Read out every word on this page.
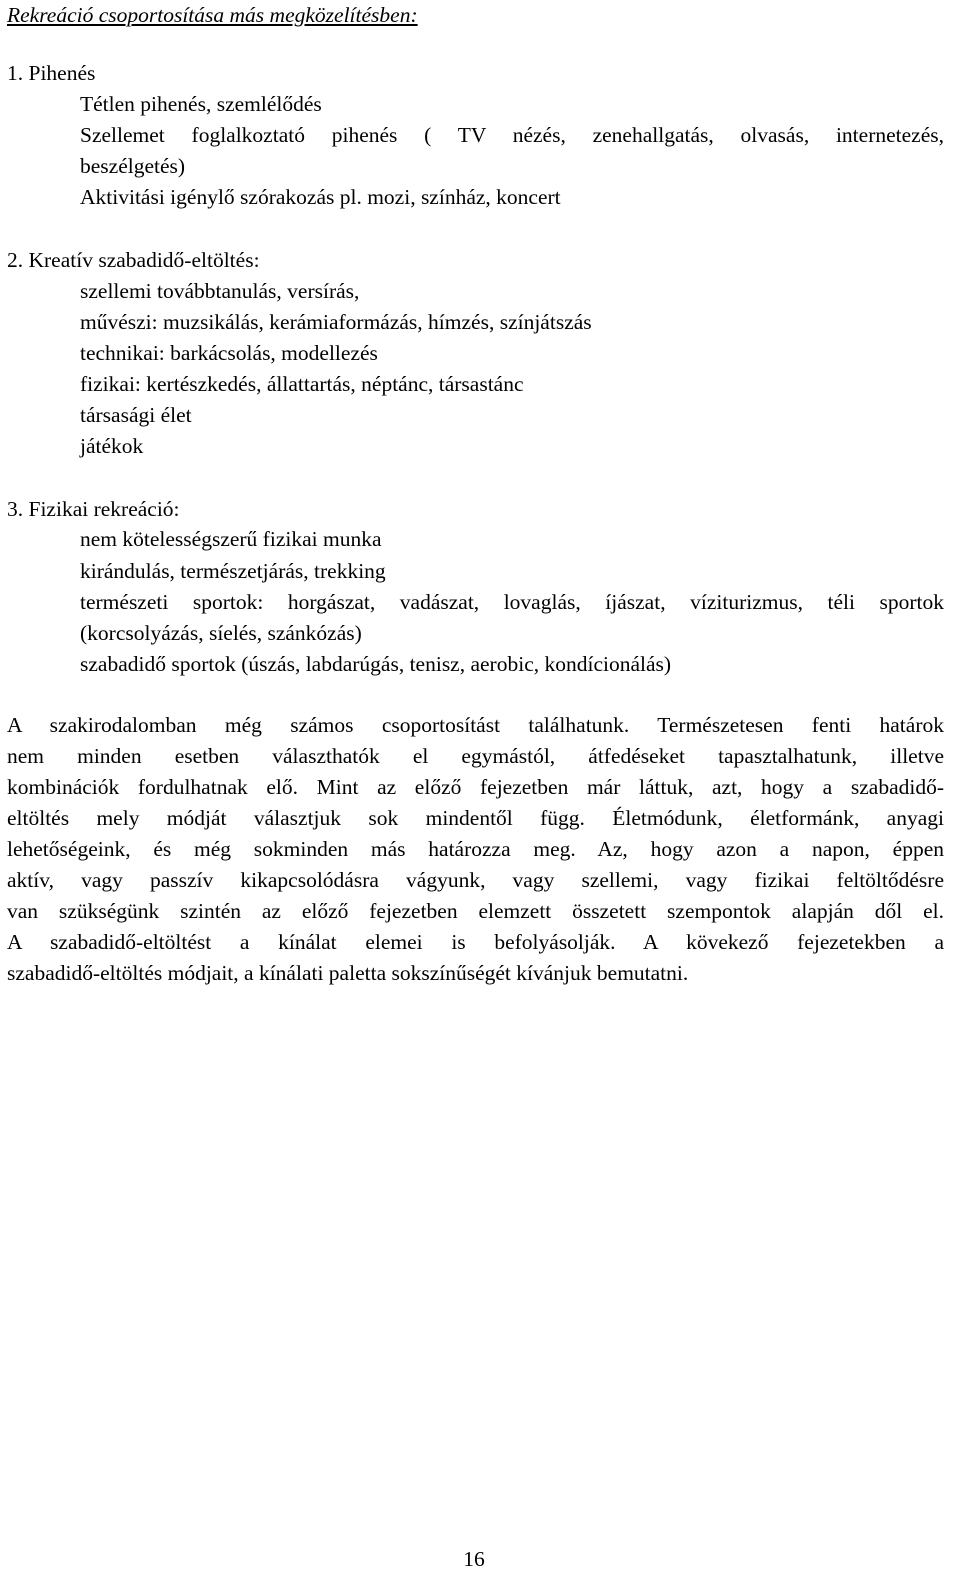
Rekreáció csoportosítása más megközelítésben:
1. Pihenés
Tétlen pihenés, szemlélődés
Szellemet foglalkoztató pihenés ( TV nézés, zenehallgatás, olvasás, internetezés,
beszélgetés)
Aktivitási igénylő szórakozás pl. mozi, színház, koncert
2. Kreatív szabadidő-eltöltés:
szellemi továbbtanulás, versírás,
művészi: muzsikálás, kerámiaformázás, hímzés, színjátszás
technikai: barkácsolás, modellezés
fizikai: kertészkedés, állattartás, néptánc, társastánc
társasági élet
játékok
3. Fizikai rekreáció:
nem kötelességszerű fizikai munka
kirándulás, természetjárás, trekking
természeti sportok: horgászat, vadászat, lovaglás, íjászat, víziturizmus, téli sportok
(korcsolyázás, síelés, szánkózás)
szabadidő sportok (úszás, labdarúgás, tenisz, aerobic, kondícionálás)
A szakirodalomban még számos csoportosítást találhatunk. Természetesen fenti határok
nem minden esetben választhatók el egymástól, átfedéseket tapasztalhatunk, illetve
kombinációk fordulhatnak elő. Mint az előző fejezetben már láttuk, azt, hogy a szabadidő-
eltöltés mely módját választjuk sok mindentől függ. Életmódunk, életformánk, anyagi
lehetőségeink, és még sokminden más határozza meg. Az, hogy azon a napon, éppen
aktív, vagy passzív kikapcsolódásra vágyunk, vagy szellemi, vagy fizikai feltöltődésre
van szükségünk szintén az előző fejezetben elemzett összetett szempontok alapján dől el.
A szabadidő-eltöltést a kínálat elemei is befolyásolják. A kövekező fejezetekben a
szabadidő-eltöltés módjait, a kínálati paletta sokszínűségét kívánjuk bemutatni.
16
